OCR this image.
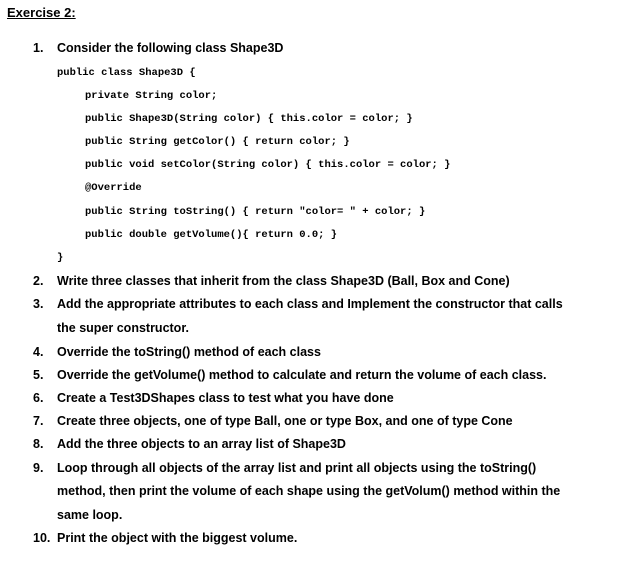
Exercise 2:
1. Consider the following class Shape3D
public class Shape3D {
private String color;
public Shape3D(String color) { this.color = color; }
public String getColor() { return color; }
public void setColor(String color) { this.color = color; }
@Override
public String toString() { return "color= " + color; }
public double getVolume(){ return 0.0; }
}
2. Write three classes that inherit from the class Shape3D (Ball, Box and Cone)
3. Add the appropriate attributes to each class and Implement the constructor that calls
the super constructor.
4. Override the toString() method of each class
5. Override the getVolume() method to calculate and return the volume of each class.
6. Create a Test3DShapes class to test what you have done
7. Create three objects, one of type Ball, one or type Box, and one of type Cone
8. Add the three objects to an array list of Shape3D
9. Loop through all objects of the array list and print all objects using the toString()
method, then print the volume of each shape using the getVolum() method within the
same loop.
10. Print the object with the biggest volume.
